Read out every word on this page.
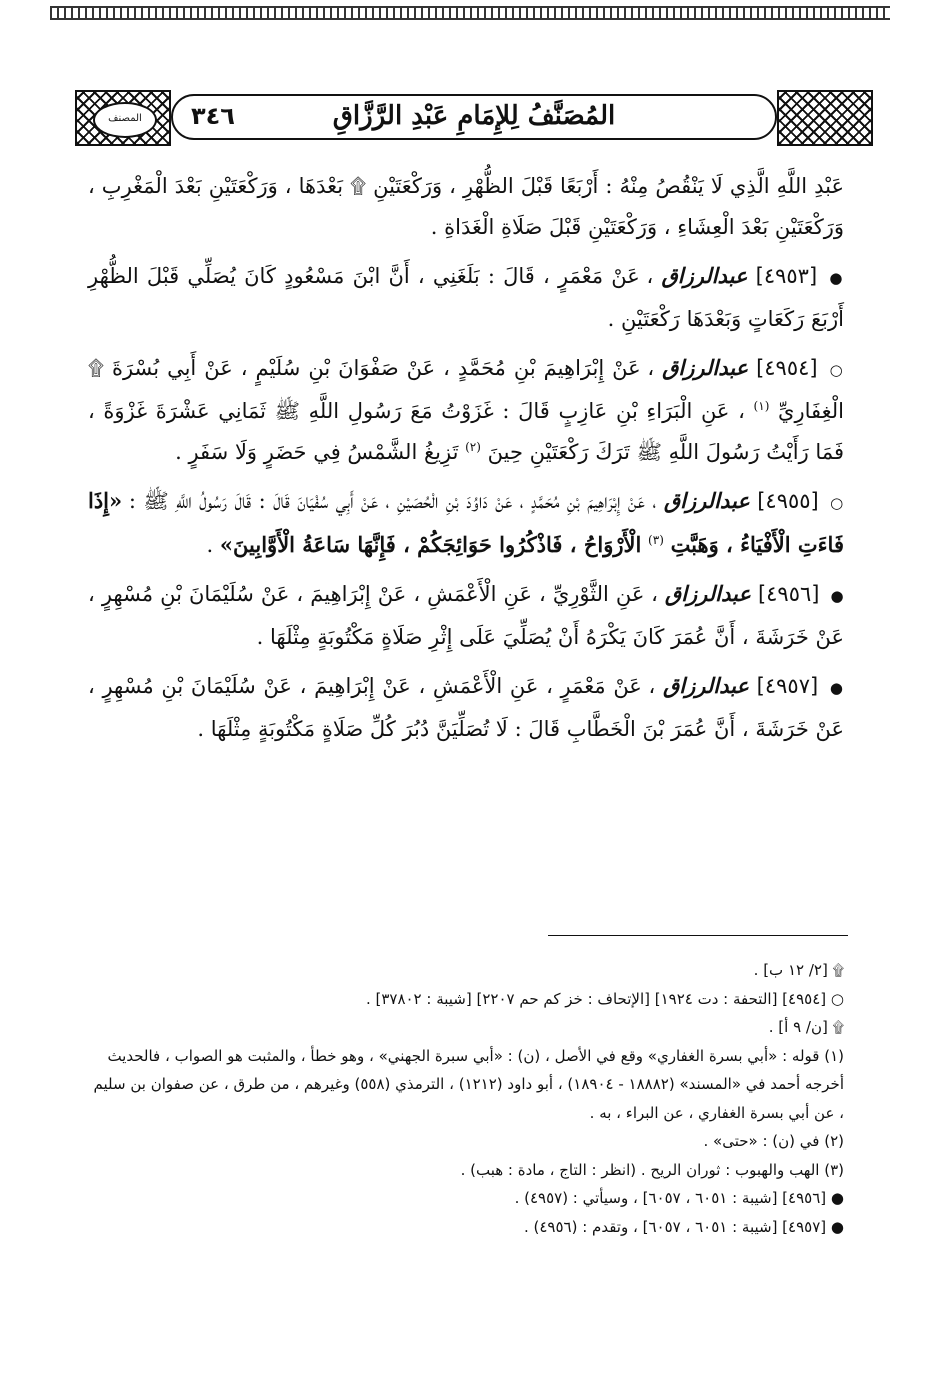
المصنف	٣٤٦	المُصَنَّفُ لِلإِمَامِ عَبْدِ الرَّزَّاقِ

عَبْدِ اللَّهِ الَّذِي لَا يَنْقُصُ مِنْهُ : أَرْبَعًا قَبْلَ الظُّهْرِ ، وَرَكْعَتَيْنِ ۩ بَعْدَهَا ، وَرَكْعَتَيْنِ بَعْدَ الْمَغْرِبِ ، وَرَكْعَتَيْنِ بَعْدَ الْعِشَاءِ ، وَرَكْعَتَيْنِ قَبْلَ صَلَاةِ الْغَدَاةِ .

● [٤٩٥٣] عبدالرزاق ، عَنْ مَعْمَرٍ ، قَالَ : بَلَغَنِي ، أَنَّ ابْنَ مَسْعُودٍ كَانَ يُصَلِّي قَبْلَ الظُّهْرِ أَرْبَعَ رَكَعَاتٍ وَبَعْدَهَا رَكْعَتَيْنِ .

○ [٤٩٥٤] عبدالرزاق ، عَنْ إِبْرَاهِيمَ بْنِ مُحَمَّدٍ ، عَنْ صَفْوَانَ بْنِ سُلَيْمٍ ، عَنْ أَبِي بُسْرَةَ ۩ الْغِفَارِيِّ $^{(١)}$ ، عَنِ الْبَرَاءِ بْنِ عَازِبٍ قَالَ : غَزَوْتُ مَعَ رَسُولِ اللَّهِ ﷺ ثَمَانِي عَشْرَةَ غَزْوَةً ، فَمَا رَأَيْتُ رَسُولَ اللَّهِ ﷺ تَرَكَ رَكْعَتَيْنِ حِينَ $^{(٢)}$ تَزِيغُ الشَّمْسُ فِي حَضَرٍ وَلَا سَفَرٍ .

○ [٤٩٥٥] عبدالرزاق ، عَنْ إِبْرَاهِيمَ بْنِ مُحَمَّدٍ ، عَنْ دَاوُدَ بْنِ الْحُصَيْنِ ، عَنْ أَبِي سُفْيَانَ قَالَ : قَالَ رَسُولُ اللَّهِ ﷺ : «إِذَا فَاءَتِ الْأَفْيَاءُ ، وَهَبَّتِ $^{(٣)}$ الْأَرْوَاحُ ، فَاذْكُرُوا حَوَائِجَكُمْ ، فَإِنَّهَا سَاعَةُ الْأَوَّابِينَ» .

● [٤٩٥٦] عبدالرزاق ، عَنِ الثَّوْرِيِّ ، عَنِ الْأَعْمَشِ ، عَنْ إِبْرَاهِيمَ ، عَنْ سُلَيْمَانَ بْنِ مُسْهِرٍ ، عَنْ خَرَشَةَ ، أَنَّ عُمَرَ كَانَ يَكْرَهُ أَنْ يُصَلِّيَ عَلَى إِثْرِ صَلَاةٍ مَكْتُوبَةٍ مِثْلَهَا .

● [٤٩٥٧] عبدالرزاق ، عَنْ مَعْمَرٍ ، عَنِ الْأَعْمَشِ ، عَنْ إِبْرَاهِيمَ ، عَنْ سُلَيْمَانَ بْنِ مُسْهِرٍ ، عَنْ خَرَشَةَ ، أَنَّ عُمَرَ بْنَ الْخَطَّابِ قَالَ : لَا تُصَلِّيَنَّ دُبُرَ كُلِّ صَلَاةٍ مَكْتُوبَةٍ مِثْلَهَا .

۩ [٢/ ١٢ ب] .
○ [٤٩٥٤] [التحفة : دت ١٩٢٤] [الإتحاف : خز كم حم ٢٢٠٧] [شيبة : ٣٧٨٠٢] .
۩ [ن/ ٩ أ] .
(١) قوله : «أبي بسرة الغفاري» وقع في الأصل ، (ن) : «أبي سبرة الجهني» ، وهو خطأ ، والمثبت هو الصواب ، فالحديث أخرجه أحمد في «المسند» (١٨٨٨٢ - ١٨٩٠٤) ، أبو داود (١٢١٢) ، الترمذي (٥٥٨) وغيرهم ، من طرق ، عن صفوان بن سليم ، عن أبي بسرة الغفاري ، عن البراء ، به .
(٢) في (ن) : «حتى» .
(٣) الهب والهبوب : ثوران الريح . (انظر : التاج ، مادة : هبب) .
● [٤٩٥٦] [شيبة : ٦٠٥١ ، ٦٠٥٧] ، وسيأتي : (٤٩٥٧) .
● [٤٩٥٧] [شيبة : ٦٠٥١ ، ٦٠٥٧] ، وتقدم : (٤٩٥٦) .
